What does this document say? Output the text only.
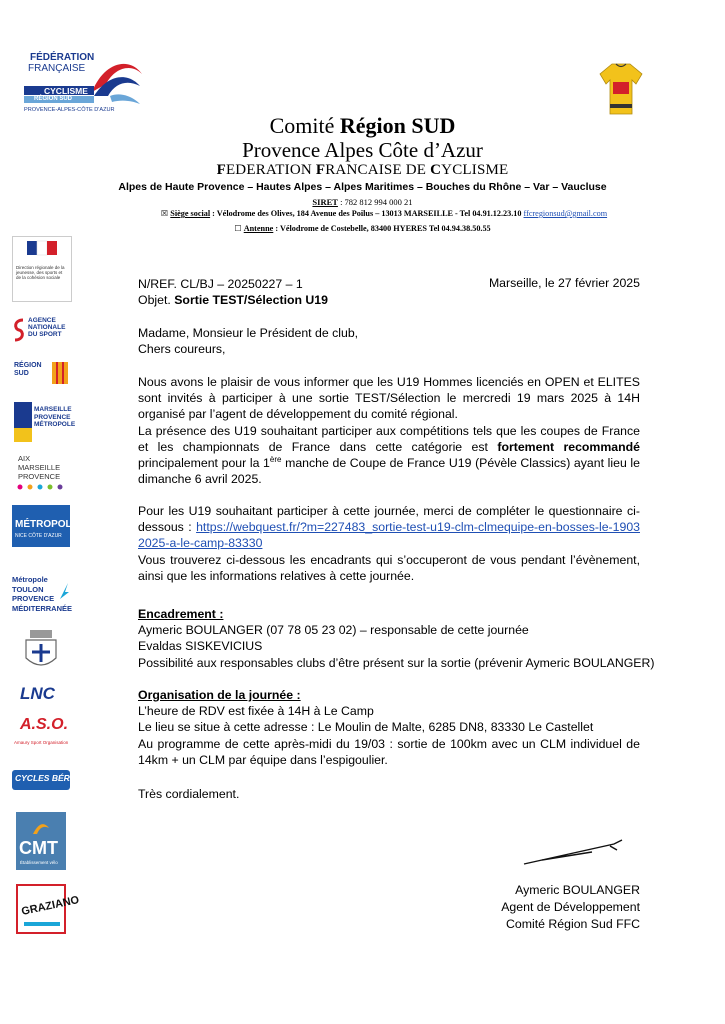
FÉDÉRATION
FRANÇAISE
CYCLISME
RÉGION SUD
PROVENCE-ALPES-CÔTE D'AZUR
Comité Région SUD
Provence Alpes Côte d’Azur
FEDERATION FRANCAISE DE CYCLISME
Alpes de Haute Provence – Hautes Alpes – Alpes Maritimes – Bouches du Rhône – Var – Vaucluse
SIRET : 782 812 994 000 21
☒ Siège social : Vélodrome des Olives, 184 Avenue des Poilus – 13013 MARSEILLE - Tel 04.91.12.23.10 ffcregionsud@gmail.com
☐ Antenne : Vélodrome de Costebelle, 83400 HYERES Tel 04.94.38.50.55
Direction régionale de la jeunesse, des sports et de la cohésion sociale
AGENCE NATIONALE DU SPORT
RÉGION SUD
MARSEILLE PROVENCE MÉTROPOLE
AIX MARSEILLE PROVENCE
MÉTROPOLE
NICE CÔTE D'AZUR
Métropole TOULON PROVENCE MÉDITERRANÉE
LNC
A.S.O.
Amaury Sport Organisation
CYCLES BÉRAUD
CMT
Établissement vélo
GRAZIANO

N/REF. CL/BJ – 20250227 – 1

Objet. Sortie TEST/Sélection U19

Marseille, le 27 février 2025

Madame, Monsieur le Président de club,

Chers coureurs,

Nous avons le plaisir de vous informer que les U19 Hommes licenciés en OPEN et ELITES sont invités à participer à une sortie TEST/Sélection le mercredi 19 mars 2025 à 14H organisé par l’agent de développement du comité régional.

La présence des U19 souhaitant participer aux compétitions tels que les coupes de France et les championnats de France dans cette catégorie est fortement recommandé principalement pour la 1ère manche de Coupe de France U19 (Pévèle Classics) ayant lieu le dimanche 6 avril 2025.

Pour les U19 souhaitant participer à cette journée, merci de compléter le questionnaire ci-dessous : https://webquest.fr/?m=227483_sortie-test-u19-clm-clmequipe-en-bosses-le-19032025-a-le-camp-83330

Vous trouverez ci-dessous les encadrants qui s’occuperont de vous pendant l’évènement, ainsi que les informations relatives à cette journée.

Encadrement :

Aymeric BOULANGER (07 78 05 23 02) – responsable de cette journée

Evaldas SISKEVICIUS

Possibilité aux responsables clubs d’être présent sur la sortie (prévenir Aymeric BOULANGER)

Organisation de la journée :

L’heure de RDV est fixée à 14H à Le Camp

Le lieu se situe à cette adresse : Le Moulin de Malte, 6285 DN8, 83330 Le Castellet

Au programme de cette après-midi du 19/03 : sortie de 100km avec un CLM individuel de 14km + un CLM par équipe dans l’espigoulier.

Très cordialement.
Aymeric BOULANGER
Agent de Développement
Comité Région Sud FFC
